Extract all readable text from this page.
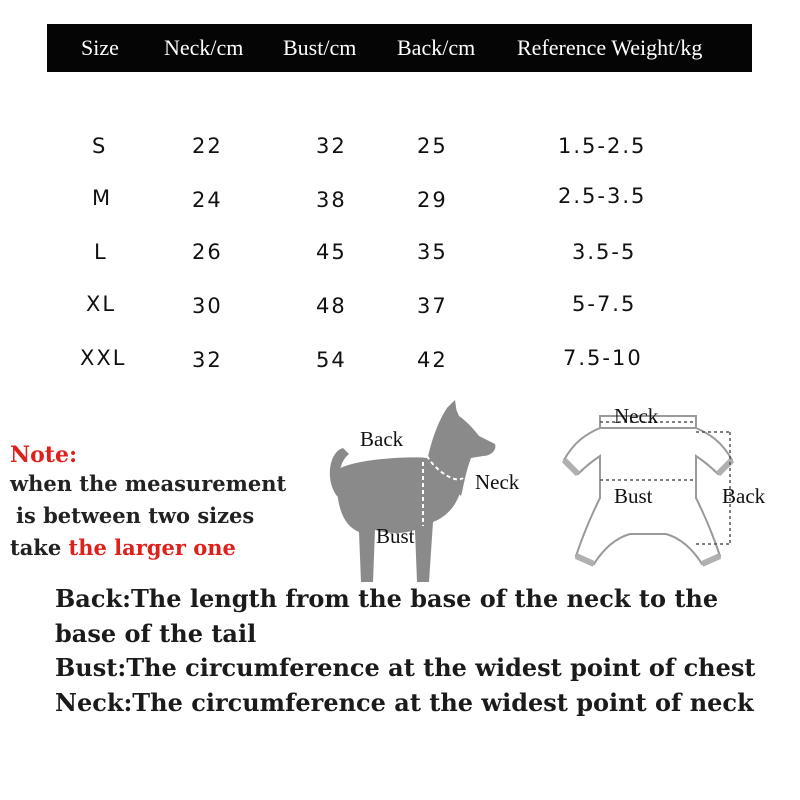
Size Neck/cm Bust/cm Back/cm Reference Weight/kg
S	22	32	25	1.5-2.5
M	24	38	29	2.5-3.5
L	26	45	35	3.5-5
XL	30	48	37	5-7.5
XXL	32	54	42	7.5-10
Note:
when the measurement
is between two sizes
take the larger one
Back
Neck
Bust
Neck
Bust	Back
Back:The length from the base of the neck to the base of the tail
Bust:The circumference at the widest point of chest
Neck:The circumference at the widest point of neck
